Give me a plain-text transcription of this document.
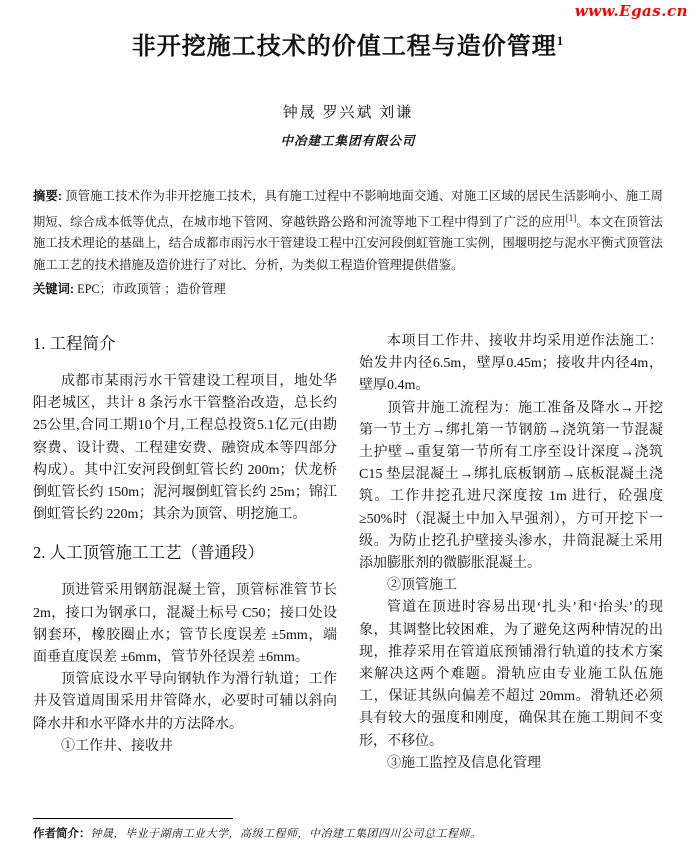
www.Egas.cn
非开挖施工技术的价值工程与造价管理$^1$
钟晟 罗兴斌 刘谦
中冶建工集团有限公司

摘要: 顶管施工技术作为非开挖施工技术，具有施工过程中不影响地面交通、对施工区域的居民生活影响小、施工周期短、综合成本低等优点，在城市地下管网、穿越铁路公路和河流等地下工程中得到了广泛的应用[1]。本文在顶管法施工技术理论的基础上，结合成都市雨污水干管建设工程中江安河段倒虹管施工实例，围堰明挖与泥水平衡式顶管法施工工艺的技术措施及造价进行了对比、分析，为类似工程造价管理提供借鉴。

关键词: EPC；市政顶管 ；造价管理

1. 工程简介

成都市某雨污水干管建设工程项目，地处华阳老城区，共计 8 条污水干管整治改造，总长约25公里,合同工期10个月,工程总投资5.1亿元(由勘察费、设计费、工程建安费、融资成本等四部分构成）。其中江安河段倒虹管长约 200m；伏龙桥倒虹管长约 150m；泥河堰倒虹管长约 25m；锦江倒虹管长约 220m；其余为顶管、明挖施工。

2. 人工顶管施工工艺（普通段）

顶进管采用钢筋混凝土管，顶管标准管节长2m，接口为钢承口，混凝土标号 C50；接口处设钢套环，橡胶圈止水；管节长度误差 ±5mm，端面垂直度误差 ±6mm，管节外径误差 ±6mm。

顶管底设水平导向钢轨作为滑行轨道；工作井及管道周围采用井管降水，必要时可辅以斜向降水井和水平降水井的方法降水。

①工作井、接收井

本项目工作井、接收井均采用逆作法施工：始发井内径6.5m，壁厚0.45m；接收井内径4m，壁厚0.4m。

顶管井施工流程为：施工准备及降水→开挖第一节土方→绑扎第一节钢筋→浇筑第一节混凝土护壁→重复第一节所有工序至设计深度→浇筑 C15 垫层混凝土→绑扎底板钢筋→底板混凝土浇筑。工作井挖孔进尺深度按 1m 进行，砼强度≥50%时（混凝土中加入早强剂），方可开挖下一级。为防止挖孔护壁接头渗水，井筒混凝土采用添加膨胀剂的微膨胀混凝土。

②顶管施工

管道在顶进时容易出现‘扎头’和‘抬头’的现象，其调整比较困难，为了避免这两种情况的出现，推荐采用在管道底预铺滑行轨道的技术方案来解决这两个难题。滑轨应由专业施工队伍施工，保证其纵向偏差不超过 20mm。滑轨还必须具有较大的强度和刚度，确保其在施工期间不变形，不移位。

③施工监控及信息化管理

作者简介：钟晟，毕业于湖南工业大学，高级工程师，中冶建工集团四川公司总工程师。
